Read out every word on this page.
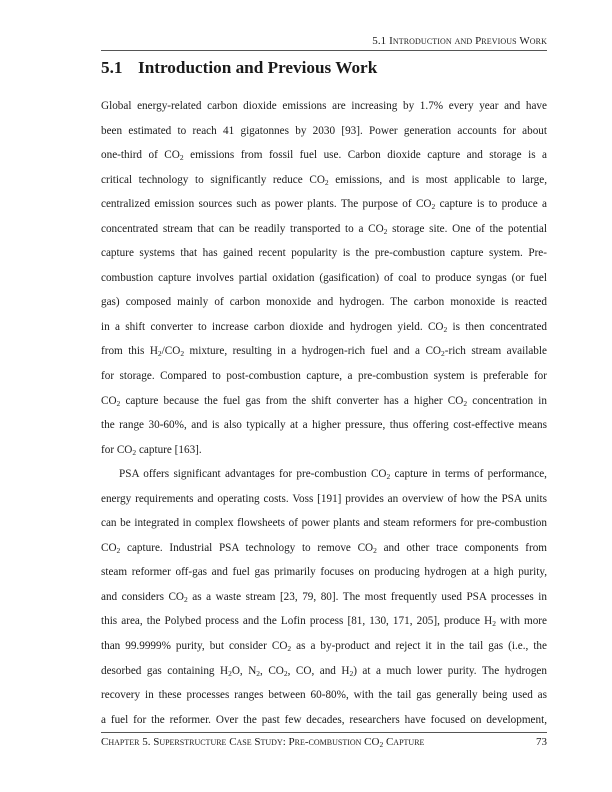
5.1 Introduction and Previous Work
5.1 Introduction and Previous Work
Global energy-related carbon dioxide emissions are increasing by 1.7% every year and have
been estimated to reach 41 gigatonnes by 2030 [93]. Power generation accounts for about
one-third of $CO_2$ emissions from fossil fuel use. Carbon dioxide capture and storage is a
critical technology to significantly reduce $CO_2$ emissions, and is most applicable to large,
centralized emission sources such as power plants. The purpose of $CO_2$ capture is to produce a
concentrated stream that can be readily transported to a $CO_2$ storage site. One of the potential
capture systems that has gained recent popularity is the pre-combustion capture system. Pre-
combustion capture involves partial oxidation (gasification) of coal to produce syngas (or fuel
gas) composed mainly of carbon monoxide and hydrogen. The carbon monoxide is reacted
in a shift converter to increase carbon dioxide and hydrogen yield. $CO_2$ is then concentrated
from this $H_2/CO_2$ mixture, resulting in a hydrogen-rich fuel and a $CO_2$-rich stream available
for storage. Compared to post-combustion capture, a pre-combustion system is preferable for
$CO_2$ capture because the fuel gas from the shift converter has a higher $CO_2$ concentration in
the range 30-60%, and is also typically at a higher pressure, thus offering cost-effective means
for $CO_2$ capture [163].
PSA offers significant advantages for pre-combustion $CO_2$ capture in terms of performance,
energy requirements and operating costs. Voss [191] provides an overview of how the PSA units
can be integrated in complex flowsheets of power plants and steam reformers for pre-combustion
$CO_2$ capture. Industrial PSA technology to remove $CO_2$ and other trace components from
steam reformer off-gas and fuel gas primarily focuses on producing hydrogen at a high purity,
and considers $CO_2$ as a waste stream [23, 79, 80]. The most frequently used PSA processes in
this area, the Polybed process and the Lofin process [81, 130, 171, 205], produce $H_2$ with more
than 99.9999% purity, but consider $CO_2$ as a by-product and reject it in the tail gas (i.e., the
desorbed gas containing $H_2O$, $N_2$, $CO_2$, CO, and $H_2$) at a much lower purity. The hydrogen
recovery in these processes ranges between 60-80%, with the tail gas generally being used as
a fuel for the reformer. Over the past few decades, researchers have focused on development,
Chapter 5. Superstructure Case Study: Pre-combustion $CO_2$ Capture	73
